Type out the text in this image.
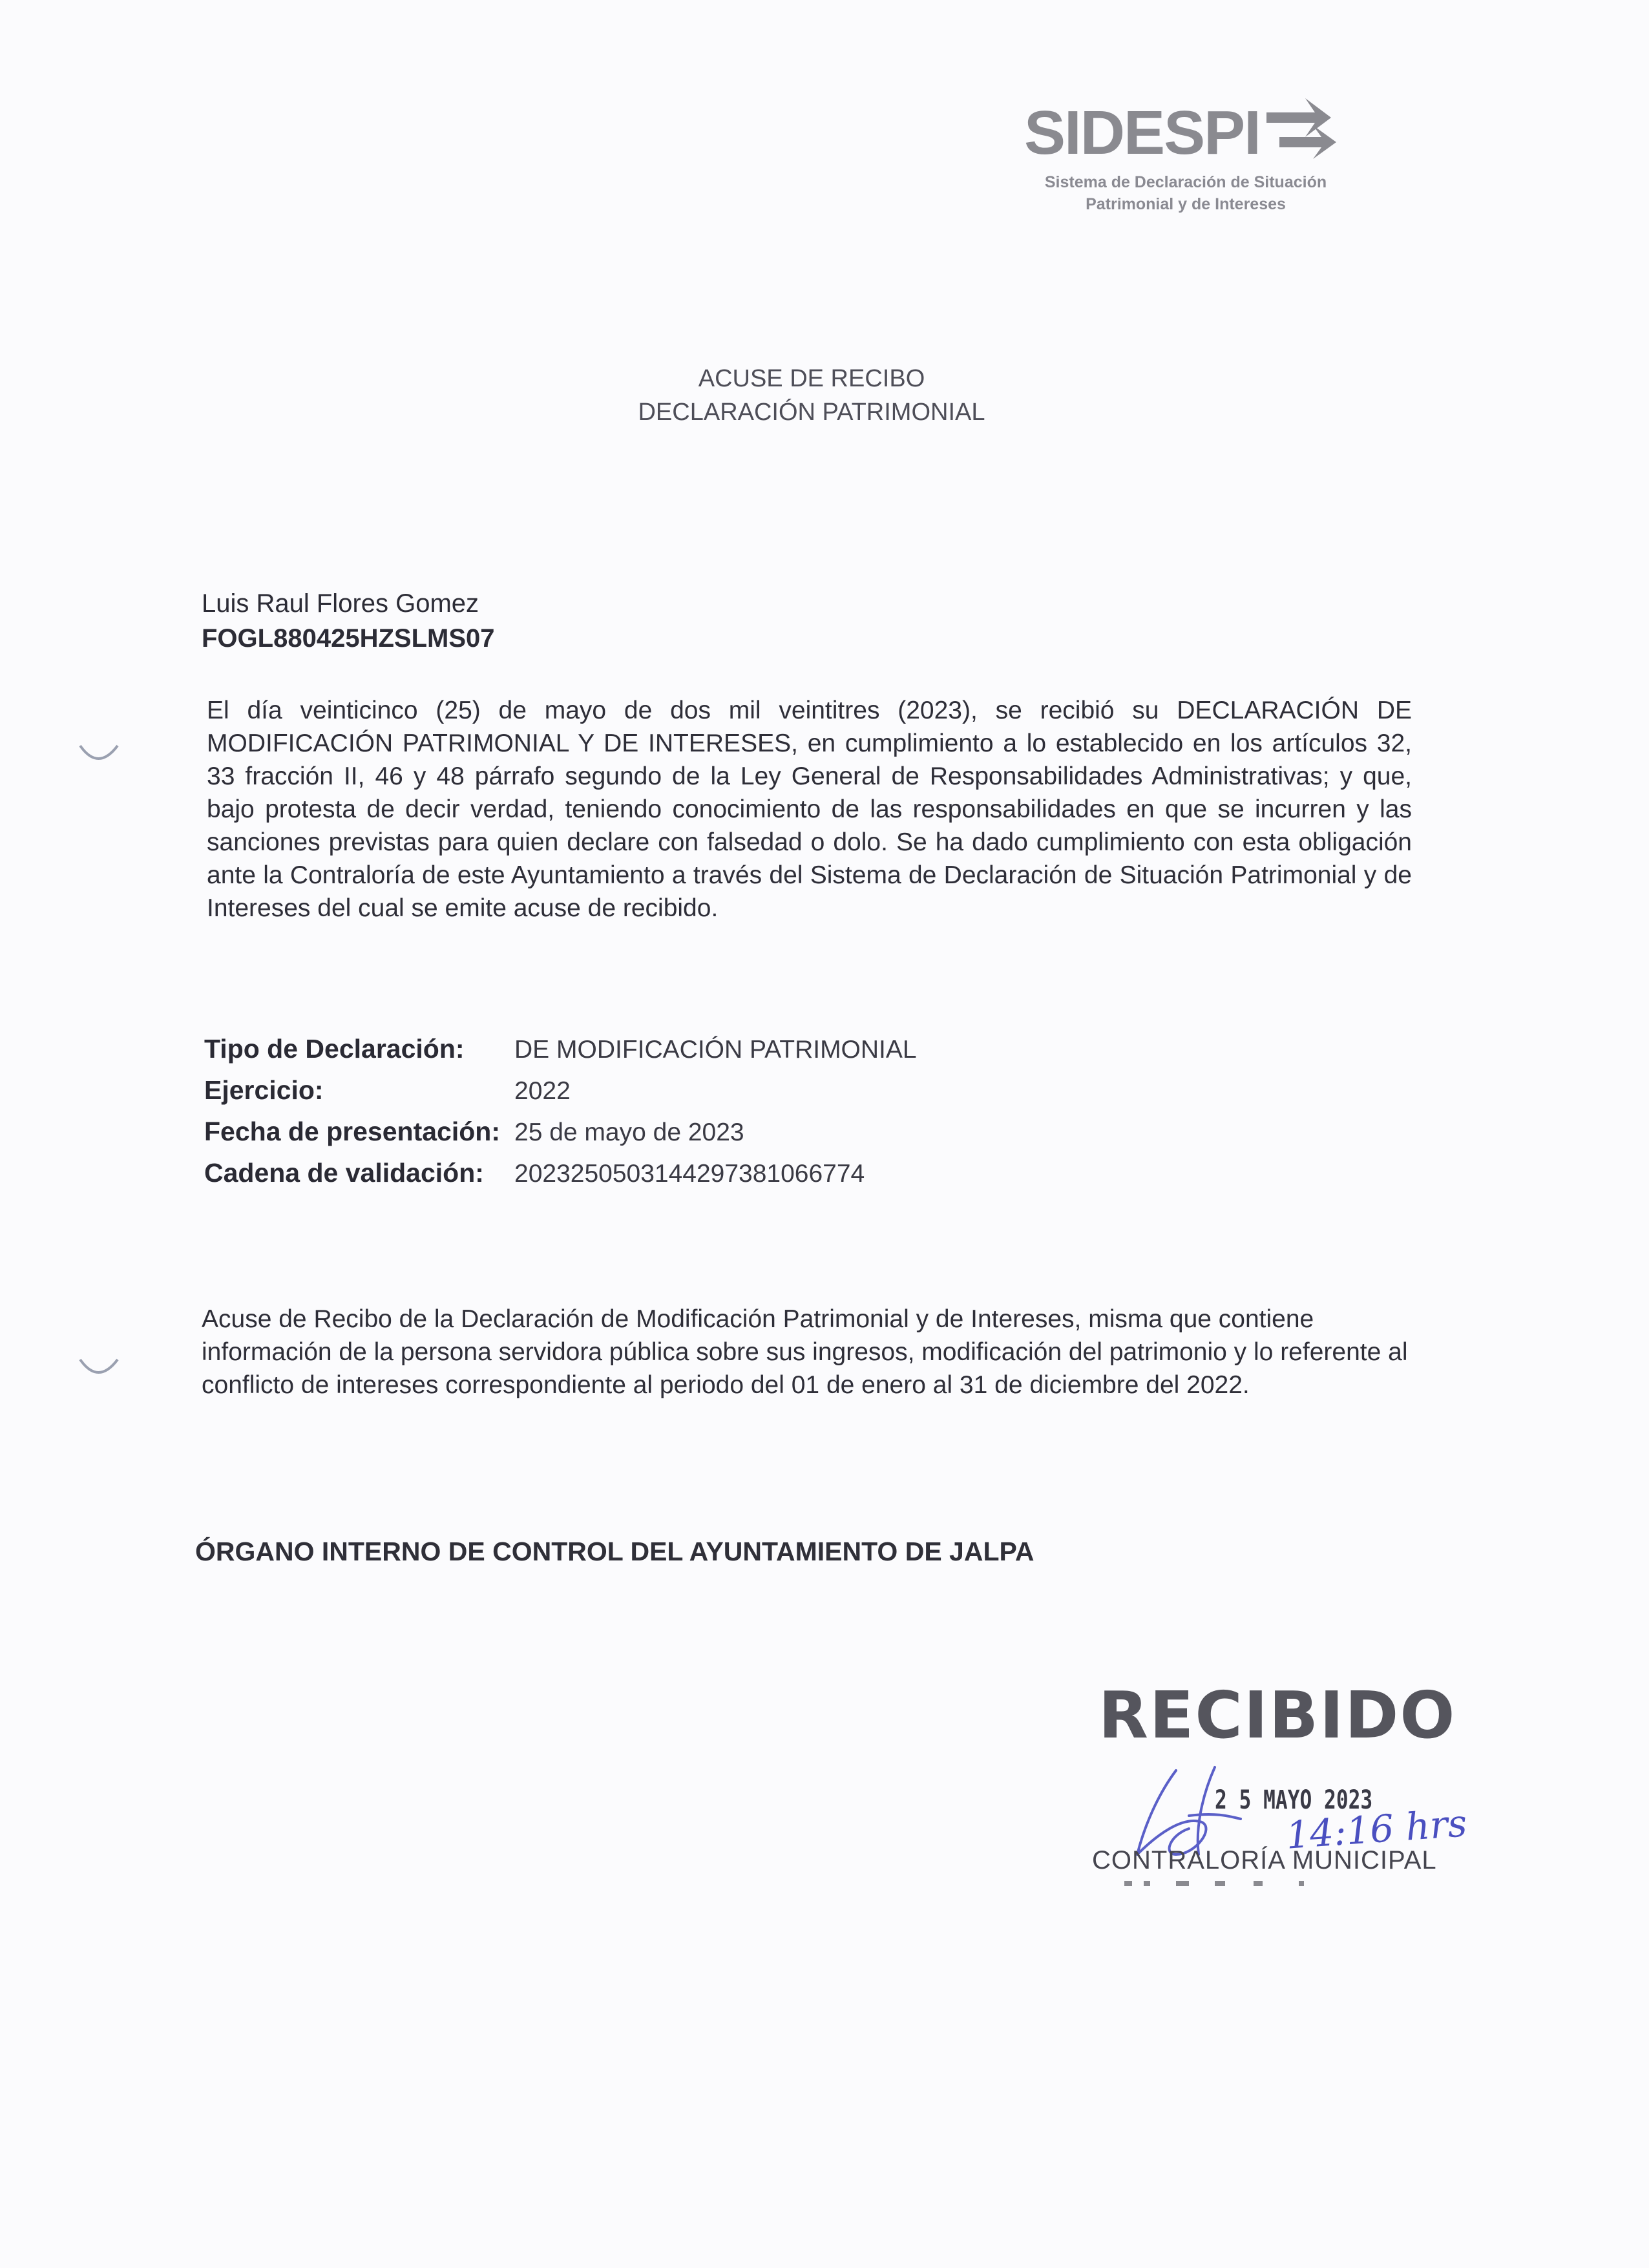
SIDESPI
Sistema de Declaración de Situación
Patrimonial y de Intereses
ACUSE DE RECIBO
DECLARACIÓN PATRIMONIAL
Luis Raul Flores Gomez
FOGL880425HZSLMS07
El día veinticinco (25) de mayo de dos mil veintitres (2023), se recibió su DECLARACIÓN DE MODIFICACIÓN PATRIMONIAL Y DE INTERESES, en cumplimiento a lo establecido en los artículos 32, 33 fracción II, 46 y 48 párrafo segundo de la Ley General de Responsabilidades Administrativas; y que, bajo protesta de decir verdad, teniendo conocimiento de las responsabilidades en que se incurren y las sanciones previstas para quien declare con falsedad o dolo. Se ha dado cumplimiento con esta obligación ante la Contraloría de este Ayuntamiento a través del Sistema de Declaración de Situación Patrimonial y de Intereses del cual se emite acuse de recibido.
Tipo de Declaración:	DE MODIFICACIÓN PATRIMONIAL
Ejercicio:	2022
Fecha de presentación: 25 de mayo de 2023
Cadena de validación:	20232505031442973810667​74
Acuse de Recibo de la Declaración de Modificación Patrimonial y de Intereses, misma que contiene información de la persona servidora pública sobre sus ingresos, modificación del patrimonio y lo referente al conflicto de intereses correspondiente al periodo del 01 de enero al 31 de diciembre del 2022.
ÓRGANO INTERNO DE CONTROL DEL AYUNTAMIENTO DE JALPA
RECIBIDO
2 5 MAYO 2023
14:16 hrs
CONTRALORÍA MUNICIPAL
